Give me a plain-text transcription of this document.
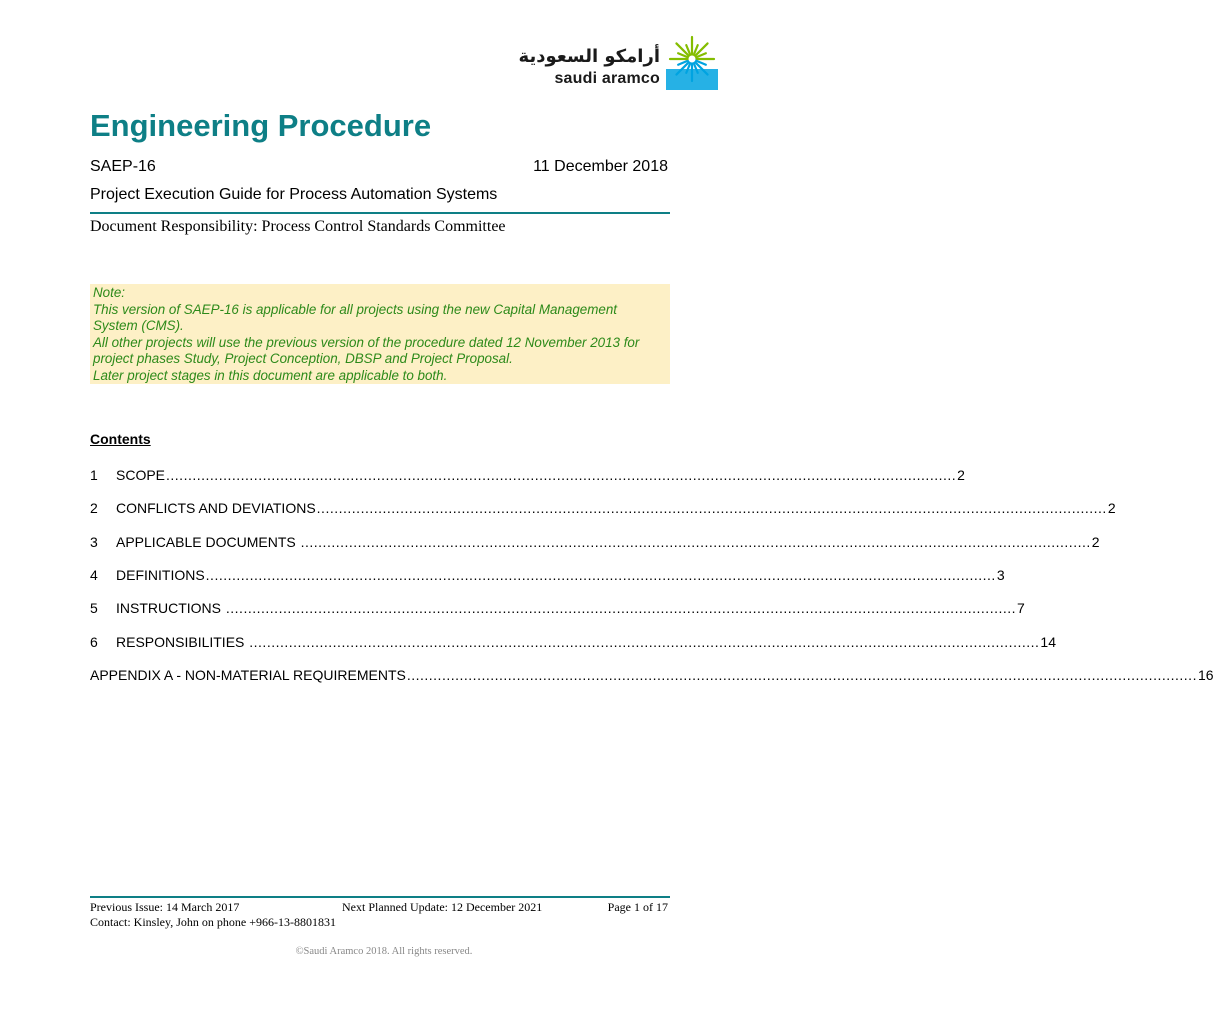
أرامكو السعودية
saudi aramco
Engineering Procedure
SAEP-16	11 December 2018
Project Execution Guide for Process Automation Systems
Document Responsibility: Process Control Standards Committee
Note:
This version of SAEP-16 is applicable for all projects using the new Capital Management
System (CMS).
All other projects will use the previous version of the procedure dated 12 November 2013 for
project phases Study, Project Conception, DBSP and Project Proposal.
Later project stages in this document are applicable to both.
Contents
1	SCOPE .................................................................................................................................................................................... 2
2	CONFLICTS AND DEVIATIONS .................................................................................................................................................................................... 2
3	APPLICABLE DOCUMENTS .................................................................................................................................................................................... 2
4	DEFINITIONS .................................................................................................................................................................................... 3
5	INSTRUCTIONS .................................................................................................................................................................................... 7
6	RESPONSIBILITIES .................................................................................................................................................................................... 14
APPENDIX A - NON-MATERIAL REQUIREMENTS .................................................................................................................................................................................... 16
Previous Issue: 14 March 2017	Next Planned Update: 12 December 2021	Page 1 of 17
Contact: Kinsley, John on phone +966-13-8801831
©Saudi Aramco 2018. All rights reserved.
